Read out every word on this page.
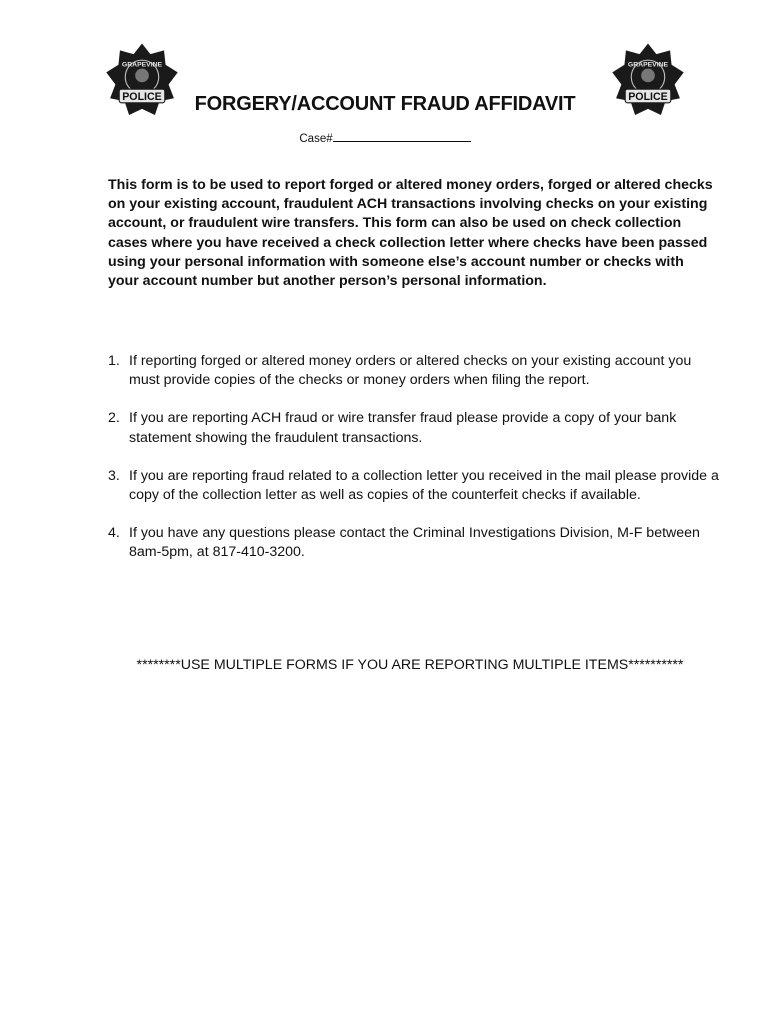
POLICE
GRAPEVINE
POLICE
GRAPEVINE
FORGERY/ACCOUNT FRAUD AFFIDAVIT
Case#

This form is to be used to report forged or altered money orders, forged or altered checks on your existing account, fraudulent ACH transactions involving checks on your existing account, or fraudulent wire transfers. This form can also be used on check collection cases where you have received a check collection letter where checks have been passed using your personal information with someone else’s account number or checks with your account number but another person’s personal information.

1. If reporting forged or altered money orders or altered checks on your existing account you must provide copies of the checks or money orders when filing the report.
2. If you are reporting ACH fraud or wire transfer fraud please provide a copy of your bank statement showing the fraudulent transactions.
3. If you are reporting fraud related to a collection letter you received in the mail please provide a copy of the collection letter as well as copies of the counterfeit checks if available.
4. If you have any questions please contact the Criminal Investigations Division, M-F between 8am-5pm, at 817-410-3200.

********USE MULTIPLE FORMS IF YOU ARE REPORTING MULTIPLE ITEMS**********
